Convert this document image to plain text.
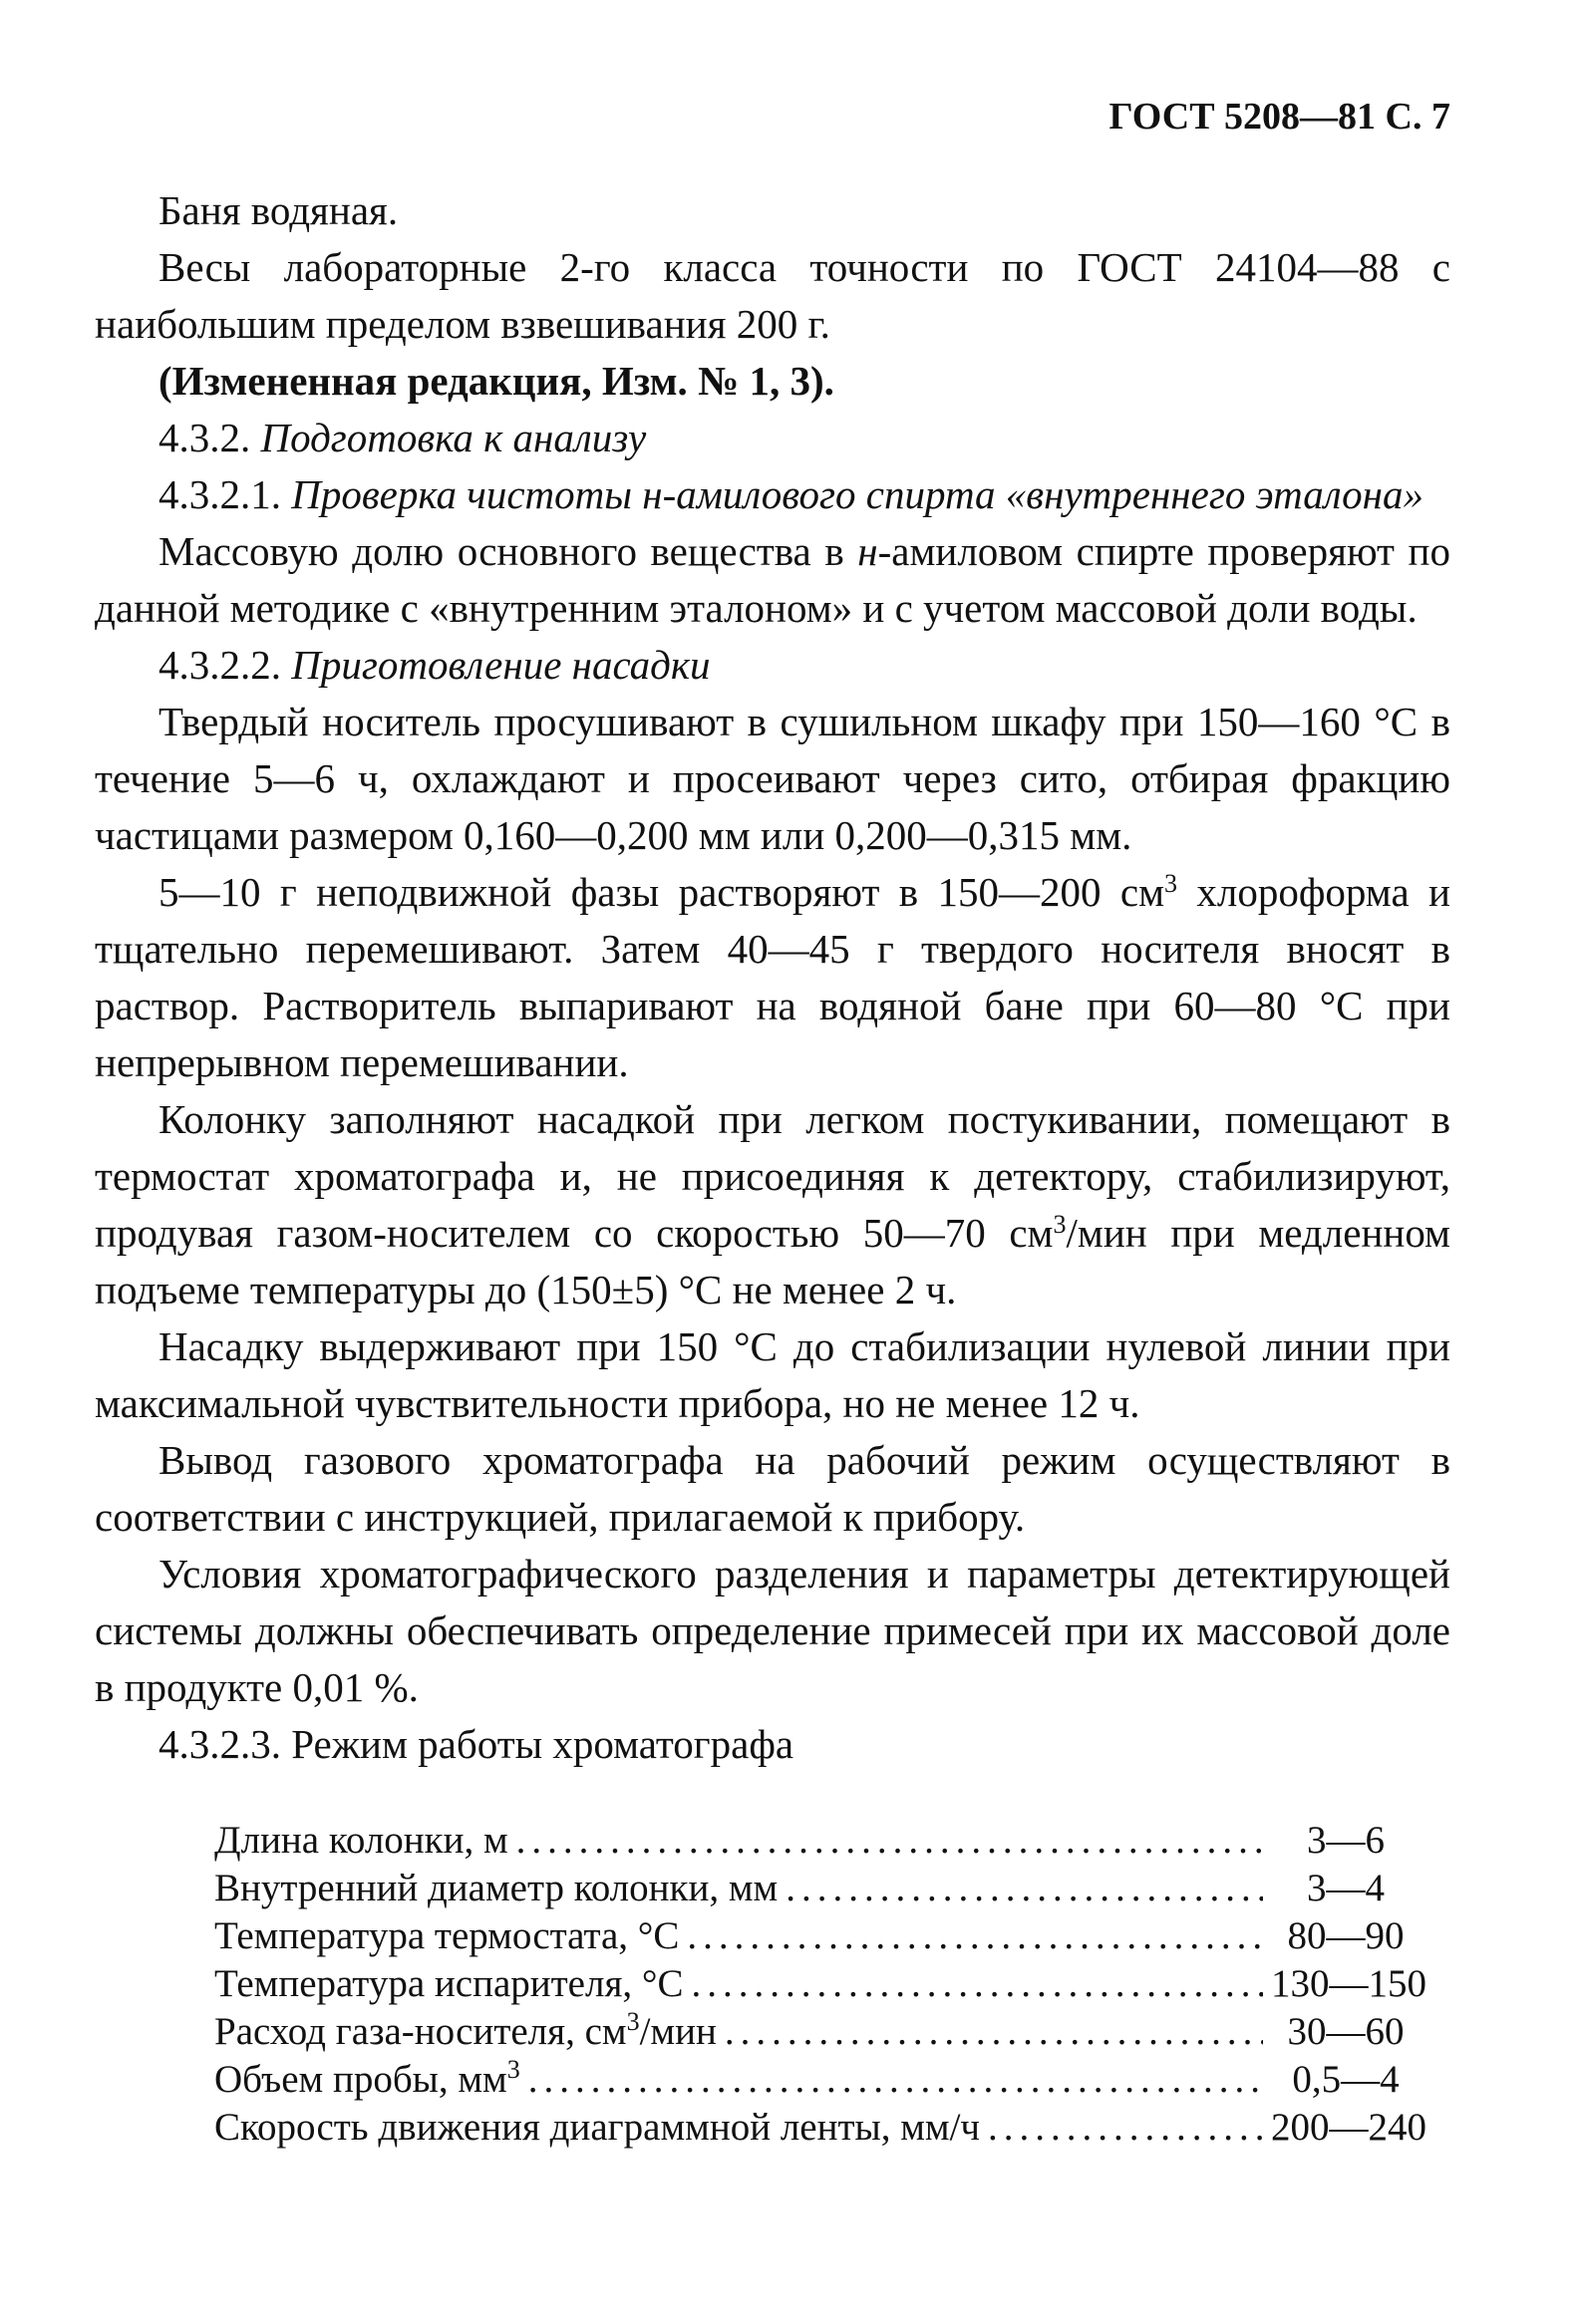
ГОСТ 5208—81 С. 7

Баня водяная.

Весы лабораторные 2-го класса точности по ГОСТ 24104—88 с наибольшим пределом взвешивания 200 г.

(Измененная редакция, Изм. № 1, 3).

4.3.2. Подготовка к анализу

4.3.2.1. Проверка чистоты н-амилового спирта «внутреннего эталона»

Массовую долю основного вещества в н-амиловом спирте проверяют по данной методике с «внутренним эталоном» и с учетом массовой доли воды.

4.3.2.2. Приготовление насадки

Твердый носитель просушивают в сушильном шкафу при 150—160 °С в течение 5—6 ч, охлаждают и просеивают через сито, отбирая фракцию частицами размером 0,160—0,200 мм или 0,200—0,315 мм.

5—10 г неподвижной фазы растворяют в 150—200 $см^3$ хлороформа и тщательно перемешивают. Затем 40—45 г твердого носителя вносят в раствор. Растворитель выпаривают на водяной бане при 60—80 °С при непрерывном перемешивании.

Колонку заполняют насадкой при легком постукивании, помещают в термостат хроматографа и, не присоединяя к детектору, стабилизируют, продувая газом-носителем со скоростью 50—70 $см^3$/мин при медленном подъеме температуры до (150±5) °С не менее 2 ч.

Насадку выдерживают при 150 °С до стабилизации нулевой линии при максимальной чувствительности прибора, но не менее 12 ч.

Вывод газового хроматографа на рабочий режим осуществляют в соответствии с инструкцией, прилагаемой к прибору.

Условия хроматографического разделения и параметры детектирующей системы должны обеспечивать определение примесей при их массовой доле в продукте 0,01 %.

4.3.2.3. Режим работы хроматографа

Длина колонки, м .....	3—6
Внутренний диаметр колонки, мм .....	3—4
Температура термостата, °С .....	80—90
Температура испарителя, °С .....	130—150
Расход газа-носителя, $см^3$/мин .....	30—60
Объем пробы, $мм^3$ .....	0,5—4
Скорость движения диаграммной ленты, мм/ч .....	200—240
